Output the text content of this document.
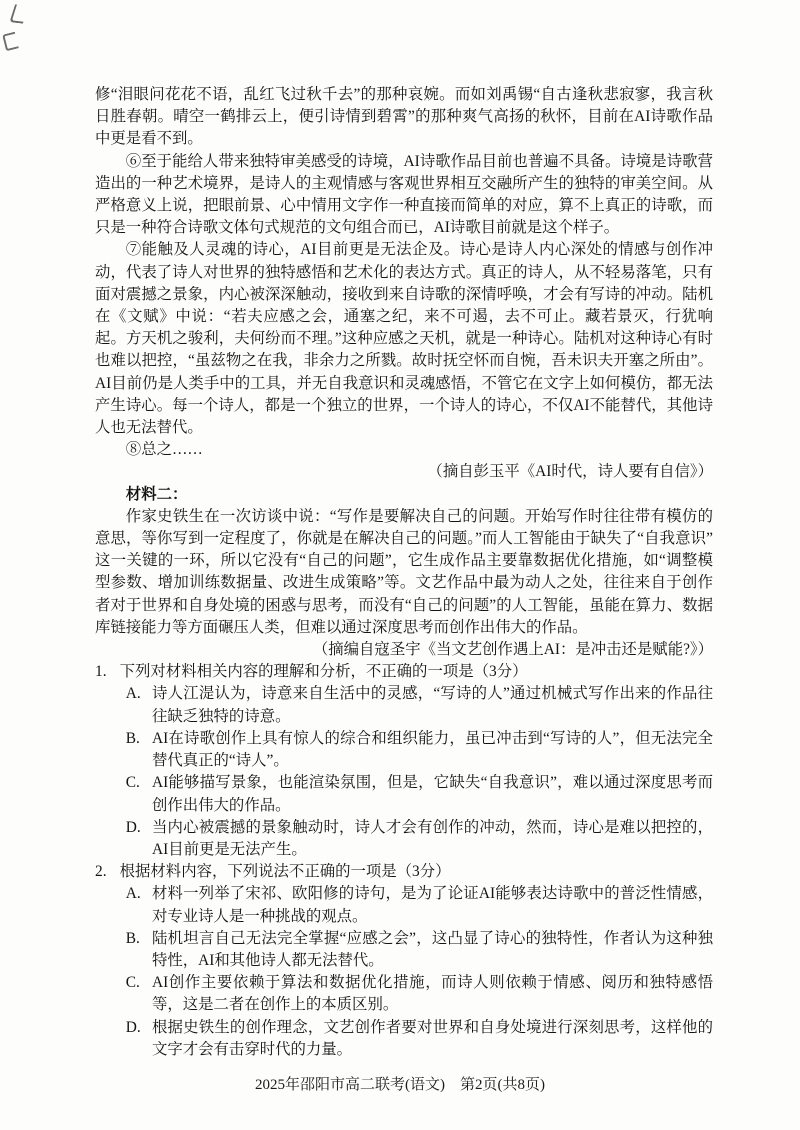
修“泪眼问花花不语，乱红飞过秋千去”的那种哀婉。而如刘禹锡“自古逢秋悲寂寥，我言秋日胜春朝。晴空一鹤排云上，便引诗情到碧霄”的那种爽气高扬的秋怀，目前在AI诗歌作品中更是看不到。

⑥至于能给人带来独特审美感受的诗境，AI诗歌作品目前也普遍不具备。诗境是诗歌营造出的一种艺术境界，是诗人的主观情感与客观世界相互交融所产生的独特的审美空间。从严格意义上说，把眼前景、心中情用文字作一种直接而简单的对应，算不上真正的诗歌，而只是一种符合诗歌文体句式规范的文句组合而已，AI诗歌目前就是这个样子。

⑦能触及人灵魂的诗心，AI目前更是无法企及。诗心是诗人内心深处的情感与创作冲动，代表了诗人对世界的独特感悟和艺术化的表达方式。真正的诗人，从不轻易落笔，只有面对震撼之景象，内心被深深触动，接收到来自诗歌的深情呼唤，才会有写诗的冲动。陆机在《文赋》中说：“若夫应感之会，通塞之纪，来不可遏，去不可止。藏若景灭，行犹响起。方天机之骏利，夫何纷而不理。”这种应感之天机，就是一种诗心。陆机对这种诗心有时也难以把控，“虽兹物之在我，非余力之所戮。故时抚空怀而自惋，吾未识夫开塞之所由”。AI目前仍是人类手中的工具，并无自我意识和灵魂感悟，不管它在文字上如何模仿，都无法产生诗心。每一个诗人，都是一个独立的世界，一个诗人的诗心，不仅AI不能替代，其他诗人也无法替代。

⑧总之……

（摘自彭玉平《AI时代，诗人要有自信》）

材料二：

作家史铁生在一次访谈中说：“写作是要解决自己的问题。开始写作时往往带有模仿的意思，等你写到一定程度了，你就是在解决自己的问题。”而人工智能由于缺失了“自我意识”这一关键的一环，所以它没有“自己的问题”，它生成作品主要靠数据优化措施，如“调整模型参数、增加训练数据量、改进生成策略”等。文艺作品中最为动人之处，往往来自于创作者对于世界和自身处境的困惑与思考，而没有“自己的问题”的人工智能，虽能在算力、数据库链接能力等方面碾压人类，但难以通过深度思考而创作出伟大的作品。

（摘编自寇圣宇《当文艺创作遇上AI：是冲击还是赋能?》）

1. 下列对材料相关内容的理解和分析，不正确的一项是（3分）
A. 诗人江湜认为，诗意来自生活中的灵感，“写诗的人”通过机械式写作出来的作品往往缺乏独特的诗意。
B. AI在诗歌创作上具有惊人的综合和组织能力，虽已冲击到“写诗的人”，但无法完全替代真正的“诗人”。
C. AI能够描写景象，也能渲染氛围，但是，它缺失“自我意识”，难以通过深度思考而创作出伟大的作品。
D. 当内心被震撼的景象触动时，诗人才会有创作的冲动，然而，诗心是难以把控的，AI目前更是无法产生。
2. 根据材料内容，下列说法不正确的一项是（3分）
A. 材料一列举了宋祁、欧阳修的诗句，是为了论证AI能够表达诗歌中的普泛性情感，对专业诗人是一种挑战的观点。
B. 陆机坦言自己无法完全掌握“应感之会”，这凸显了诗心的独特性，作者认为这种独特性，AI和其他诗人都无法替代。
C. AI创作主要依赖于算法和数据优化措施，而诗人则依赖于情感、阅历和独特感悟等，这是二者在创作上的本质区别。
D. 根据史铁生的创作理念，文艺创作者要对世界和自身处境进行深刻思考，这样他的文字才会有击穿时代的力量。
2025年邵阳市高二联考(语文)　第2页(共8页)
